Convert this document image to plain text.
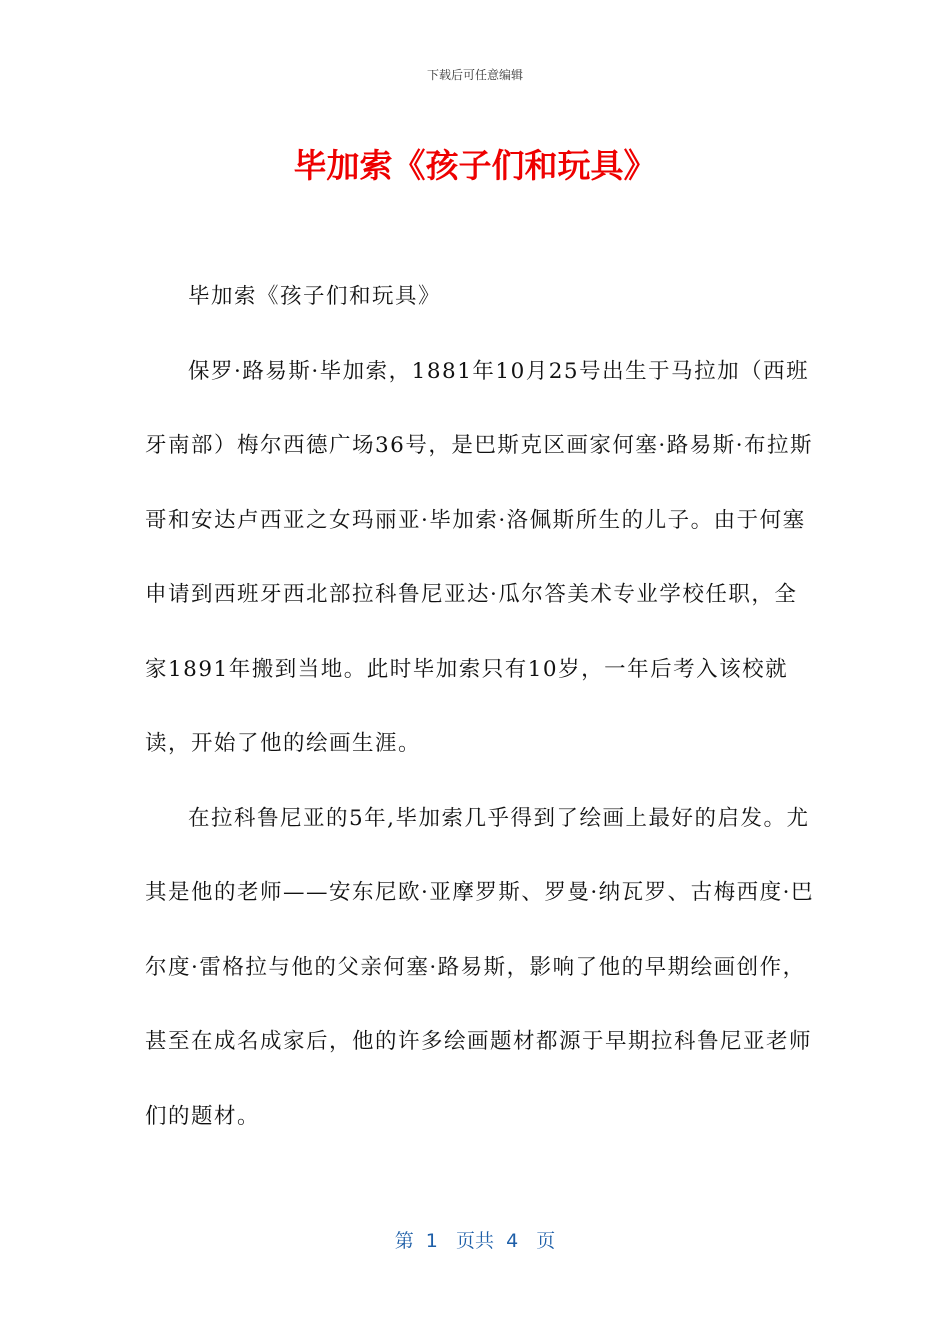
下载后可任意编辑
毕加索《孩子们和玩具》

毕加索《孩子们和玩具》

保罗·路易斯·毕加索，1881年10月25号出生于马拉加（西班牙南部）梅尔西德广场36号，是巴斯克区画家何塞·路易斯·布拉斯哥和安达卢西亚之女玛丽亚·毕加索·洛佩斯所生的儿子。由于何塞申请到西班牙西北部拉科鲁尼亚达·瓜尔答美术专业学校任职，全家1891年搬到当地。此时毕加索只有10岁，一年后考入该校就读，开始了他的绘画生涯。

在拉科鲁尼亚的5年,毕加索几乎得到了绘画上最好的启发。尤其是他的老师——安东尼欧·亚摩罗斯、罗曼·纳瓦罗、古梅西度·巴尔度·雷格拉与他的父亲何塞·路易斯，影响了他的早期绘画创作，甚至在成名成家后，他的许多绘画题材都源于早期拉科鲁尼亚老师们的题材。

第  1   页共  4   页
